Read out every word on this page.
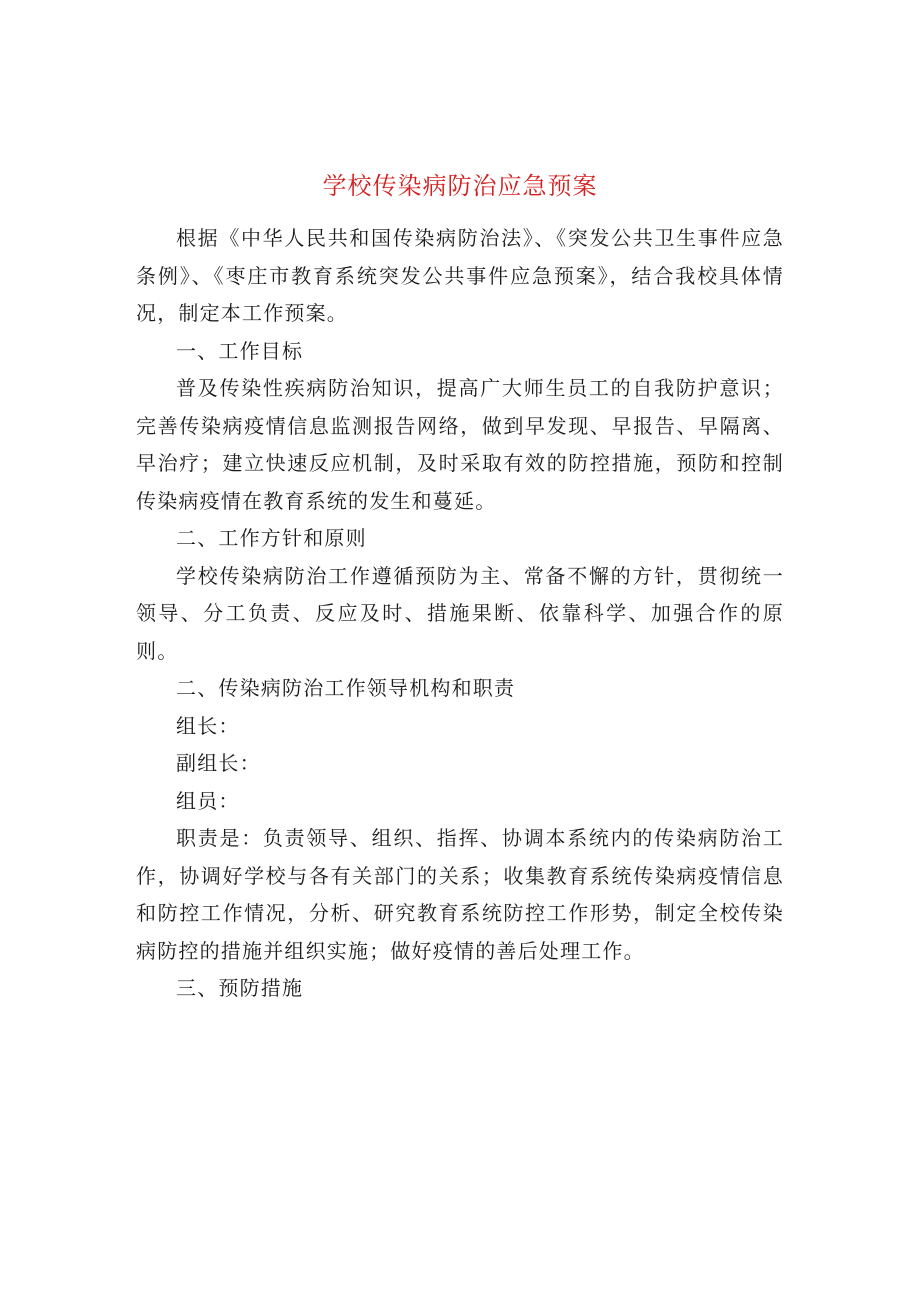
学校传染病防治应急预案

根据《中华人民共和国传染病防治法》、《突发公共卫生事件应急条例》、《枣庄市教育系统突发公共事件应急预案》，结合我校具体情况，制定本工作预案。

一、工作目标

普及传染性疾病防治知识，提高广大师生员工的自我防护意识；完善传染病疫情信息监测报告网络，做到早发现、早报告、早隔离、早治疗；建立快速反应机制，及时采取有效的防控措施，预防和控制传染病疫情在教育系统的发生和蔓延。

二、工作方针和原则

学校传染病防治工作遵循预防为主、常备不懈的方针，贯彻统一领导、分工负责、反应及时、措施果断、依靠科学、加强合作的原则。

二、传染病防治工作领导机构和职责

组长：

副组长：

组员：

职责是：负责领导、组织、指挥、协调本系统内的传染病防治工作，协调好学校与各有关部门的关系；收集教育系统传染病疫情信息和防控工作情况，分析、研究教育系统防控工作形势，制定全校传染病防控的措施并组织实施；做好疫情的善后处理工作。

三、预防措施
